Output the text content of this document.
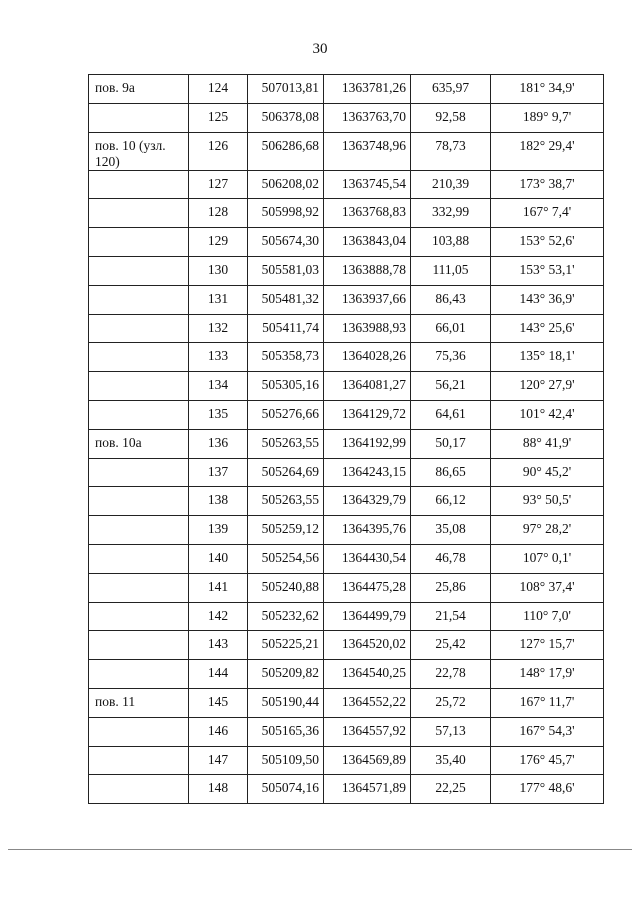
30
пов. 9а	124	507013,81	1363781,26	635,97	181° 34,9'

	125	506378,08	1363763,70	92,58	189° 9,7'

пов. 10 (узл. 120)	126	506286,68	1363748,96	78,73	182° 29,4'

	127	506208,02	1363745,54	210,39	173° 38,7'

	128	505998,92	1363768,83	332,99	167° 7,4'

	129	505674,30	1363843,04	103,88	153° 52,6'

	130	505581,03	1363888,78	111,05	153° 53,1'

	131	505481,32	1363937,66	86,43	143° 36,9'

	132	505411,74	1363988,93	66,01	143° 25,6'

	133	505358,73	1364028,26	75,36	135° 18,1'

	134	505305,16	1364081,27	56,21	120° 27,9'

	135	505276,66	1364129,72	64,61	101° 42,4'

пов. 10а	136	505263,55	1364192,99	50,17	88° 41,9'

	137	505264,69	1364243,15	86,65	90° 45,2'

	138	505263,55	1364329,79	66,12	93° 50,5'

	139	505259,12	1364395,76	35,08	97° 28,2'

	140	505254,56	1364430,54	46,78	107° 0,1'

	141	505240,88	1364475,28	25,86	108° 37,4'

	142	505232,62	1364499,79	21,54	110° 7,0'

	143	505225,21	1364520,02	25,42	127° 15,7'

	144	505209,82	1364540,25	22,78	148° 17,9'

пов. 11	145	505190,44	1364552,22	25,72	167° 11,7'

	146	505165,36	1364557,92	57,13	167° 54,3'

	147	505109,50	1364569,89	35,40	176° 45,7'

	148	505074,16	1364571,89	22,25	177° 48,6'
